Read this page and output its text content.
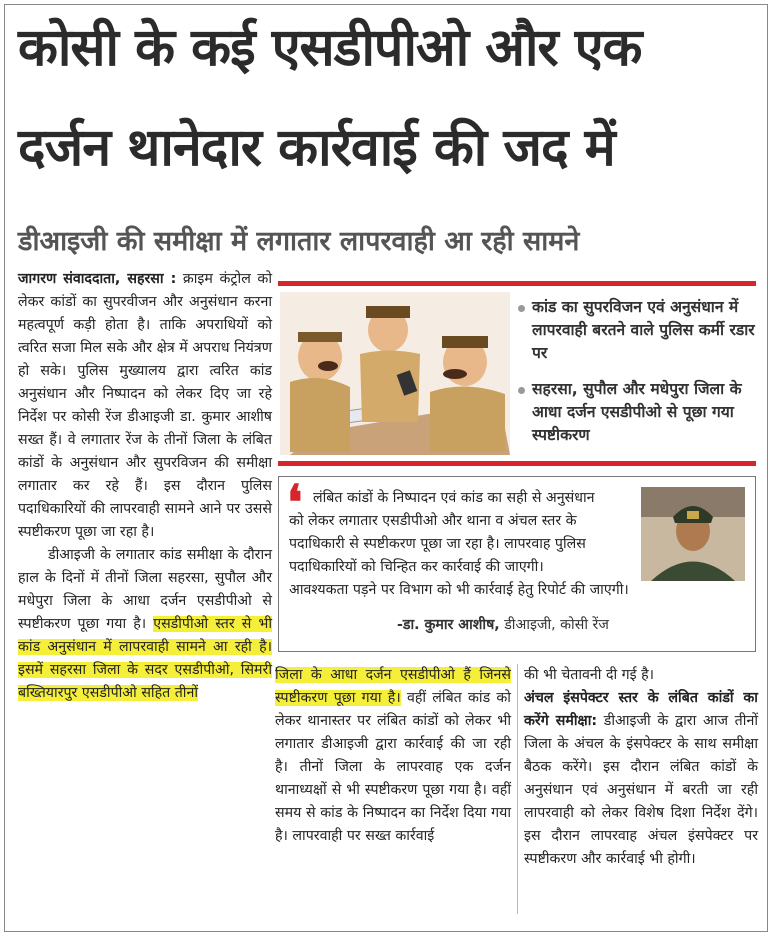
कोसी के कई एसडीपीओ और एक
दर्जन थानेदार कार्रवाई की जद में
डीआइजी की समीक्षा में लगातार लापरवाही आ रही सामने

जागरण संवाददाता, सहरसा : क्राइम कंट्रोल को लेकर कांडों का सुपरवीजन और अनुसंधान करना महत्वपूर्ण कड़ी होता है। ताकि अपराधियों को त्वरित सजा मिल सके और क्षेत्र में अपराध नियंत्रण हो सके। पुलिस मुख्यालय द्वारा त्वरित कांड अनुसंधान और निष्पादन को लेकर दिए जा रहे निर्देश पर कोसी रेंज डीआइजी डा. कुमार आशीष सख्त हैं। वे लगातार रेंज के तीनों जिला के लंबित कांडों के अनुसंधान और सुपरविजन की समीक्षा लगातार कर रहे हैं। इस दौरान पुलिस पदाधिकारियों की लापरवाही सामने आने पर उससे स्पष्टीकरण पूछा जा रहा है।

डीआइजी के लगातार कांड समीक्षा के दौरान हाल के दिनों में तीनों जिला सहरसा, सुपौल और मधेपुरा जिला के आधा दर्जन एसडीपीओ से स्पष्टीकरण पूछा गया है। एसडीपीओ स्तर से भी कांड अनुसंधान में लापरवाही सामने आ रही है। इसमें सहरसा जिला के सदर एसडीपीओ, सिमरी बख्तियारपुर एसडीपीओ सहित तीनों

जिला के आधा दर्जन एसडीपीओ हैं जिनसे स्पष्टीकरण पूछा गया है। वहीं लंबित कांड को लेकर थानास्तर पर लंबित कांडों को लेकर भी लगातार डीआइजी द्वारा कार्रवाई की जा रही है। तीनों जिला के लापरवाह एक दर्जन थानाध्यक्षों से भी स्पष्टीकरण पूछा गया है। वहीं समय से कांड के निष्पादन का निर्देश दिया गया है। लापरवाही पर सख्त कार्रवाई

की भी चेतावनी दी गई है।

अंचल इंसपेक्टर स्तर के लंबित कांडों का करेंगे समीक्षा: डीआइजी के द्वारा आज तीनों जिला के अंचल के इंसपेक्टर के साथ समीक्षा बैठक करेंगे। इस दौरान लंबित कांडों के अनुसंधान एवं अनुसंधान में बरती जा रही लापरवाही को लेकर विशेष दिशा निर्देश देंगे। इस दौरान लापरवाह अंचल इंसपेक्टर पर स्पष्टीकरण और कार्रवाई भी होगी।

कांड का सुपरविजन एवं अनुसंधान में लापरवाही बरतने वाले पुलिस कर्मी रडार पर
सहरसा, सुपौल और मधेपुरा जिला के आधा दर्जन एसडीपीओ से पूछा गया स्पष्टीकरण
❛ लंबित कांडों के निष्पादन एवं कांड का सही से अनुसंधान
को लेकर लगातार एसडीपीओ और थाना व अंचल स्तर के
पदाधिकारी से स्पष्टीकरण पूछा जा रहा है। लापरवाह पुलिस
पदाधिकारियों को चिन्हित कर कार्रवाई की जाएगी।
आवश्यकता पड़ने पर विभाग को भी कार्रवाई हेतु रिपोर्ट की जाएगी।
-डा. कुमार आशीष, डीआइजी, कोसी रेंज
